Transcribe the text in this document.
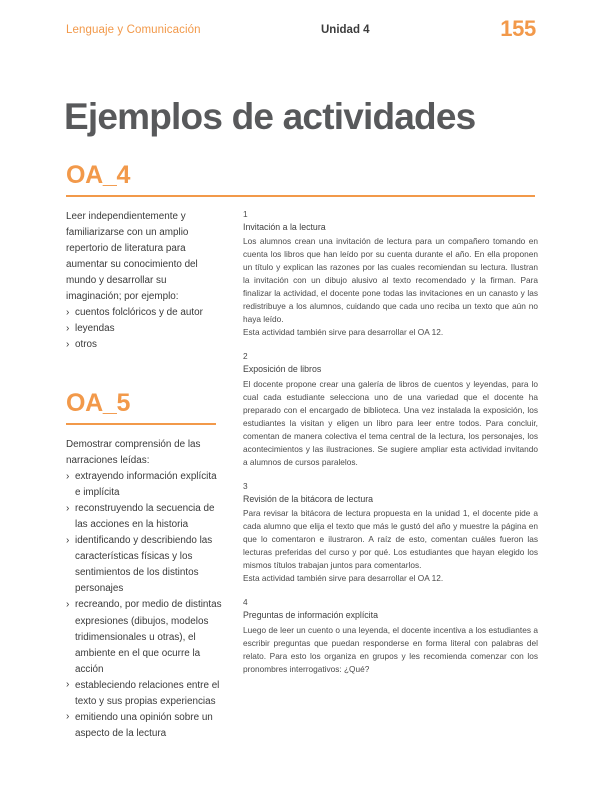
Lenguaje y Comunicación	Unidad 4	155
Ejemplos de actividades
OA_4

Leer independientemente y familiarizarse con un amplio repertorio de literatura para aumentar su conocimiento del mundo y desarrollar su imaginación; por ejemplo:

› cuentos folclóricos y de autor
› leyendas
› otros
OA_5

Demostrar comprensión de las narraciones leídas:

› extrayendo información explícita e implícita
› reconstruyendo la secuencia de las acciones en la historia
› identificando y describiendo las características físicas y los sentimientos de los distintos personajes
› recreando, por medio de distintas expresiones (dibujos, modelos tridimensionales u otras), el ambiente en el que ocurre la acción
› estableciendo relaciones entre el texto y sus propias experiencias
› emitiendo una opinión sobre un aspecto de la lectura
1
Invitación a la lectura
Los alumnos crean una invitación de lectura para un compañero tomando en cuenta los libros que han leído por su cuenta durante el año. En ella proponen un título y explican las razones por las cuales recomiendan su lectura. Ilustran la invitación con un dibujo alusivo al texto recomendado y la firman. Para finalizar la actividad, el docente pone todas las invitaciones en un canasto y las redistribuye a los alumnos, cuidando que cada uno reciba un texto que aún no haya leído.
Esta actividad también sirve para desarrollar el OA 12.
2
Exposición de libros
El docente propone crear una galería de libros de cuentos y leyendas, para lo cual cada estudiante selecciona uno de una variedad que el docente ha preparado con el encargado de biblioteca. Una vez instalada la exposición, los estudiantes la visitan y eligen un libro para leer entre todos. Para concluir, comentan de manera colectiva el tema central de la lectura, los personajes, los acontecimientos y las ilustraciones. Se sugiere ampliar esta actividad invitando a alumnos de cursos paralelos.
3
Revisión de la bitácora de lectura
Para revisar la bitácora de lectura propuesta en la unidad 1, el docente pide a cada alumno que elija el texto que más le gustó del año y muestre la página en que lo comentaron e ilustraron. A raíz de esto, comentan cuáles fueron las lecturas preferidas del curso y por qué. Los estudiantes que hayan elegido los mismos títulos trabajan juntos para comentarlos.
Esta actividad también sirve para desarrollar el OA 12.
4
Preguntas de información explícita
Luego de leer un cuento o una leyenda, el docente incentiva a los estudiantes a escribir preguntas que puedan responderse en forma literal con palabras del relato. Para esto los organiza en grupos y les recomienda comenzar con los pronombres interrogativos: ¿Qué?
